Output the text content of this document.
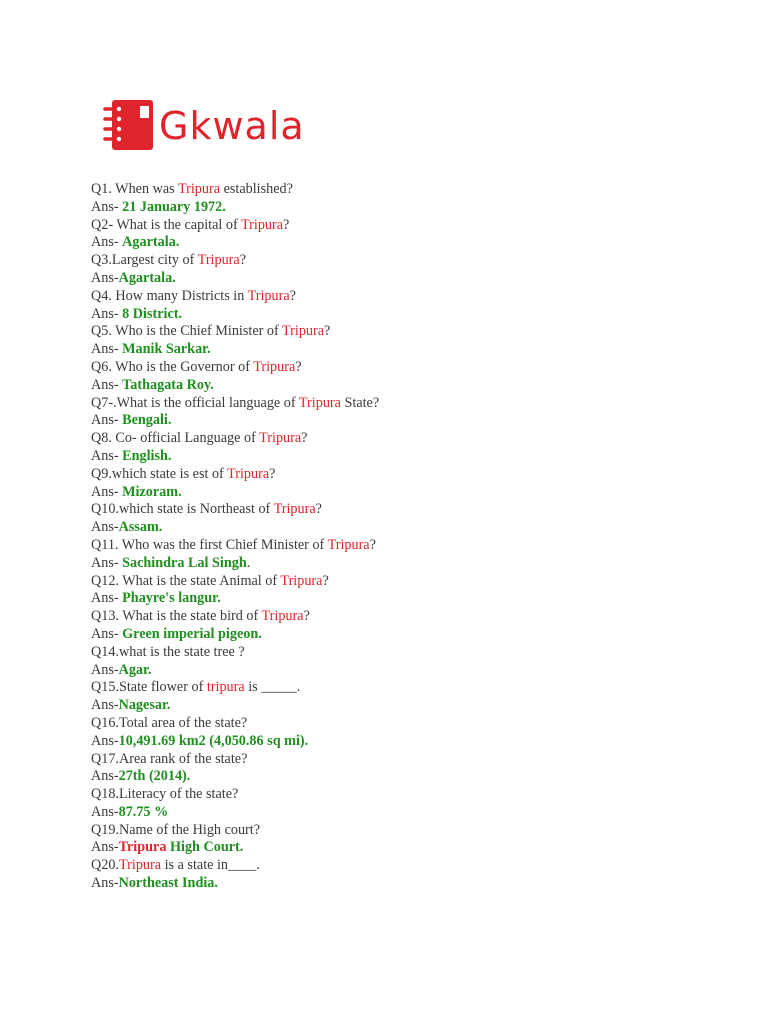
Gkwala
Q1. When was Tripura established?
Ans- 21 January 1972.
Q2- What is the capital of Tripura?
Ans- Agartala.
Q3.Largest city of Tripura?
Ans-Agartala.
Q4. How many Districts in Tripura?
Ans- 8 District.
Q5. Who is the Chief Minister of Tripura?
Ans- Manik Sarkar.
Q6. Who is the Governor of Tripura?
Ans- Tathagata Roy.
Q7-.What is the official language of Tripura State?
Ans- Bengali.
Q8. Co- official Language of Tripura?
Ans- English.
Q9.which state is est of Tripura?
Ans- Mizoram.
Q10.which state is Northeast of Tripura?
Ans-Assam.
Q11. Who was the first Chief Minister of Tripura?
Ans- Sachindra Lal Singh.
Q12. What is the state Animal of Tripura?
Ans- Phayre's langur.
Q13. What is the state bird of Tripura?
Ans- Green imperial pigeon.
Q14.what is the state tree ?
Ans-Agar.
Q15.State flower of tripura is _____.
Ans-Nagesar.
Q16.Total area of the state?
Ans-10,491.69 km2 (4,050.86 sq mi).
Q17.Area rank of the state?
Ans-27th (2014).
Q18.Literacy of the state?
Ans-87.75 %
Q19.Name of the High court?
Ans-Tripura High Court.
Q20.Tripura is a state in____.
Ans-Northeast India.
